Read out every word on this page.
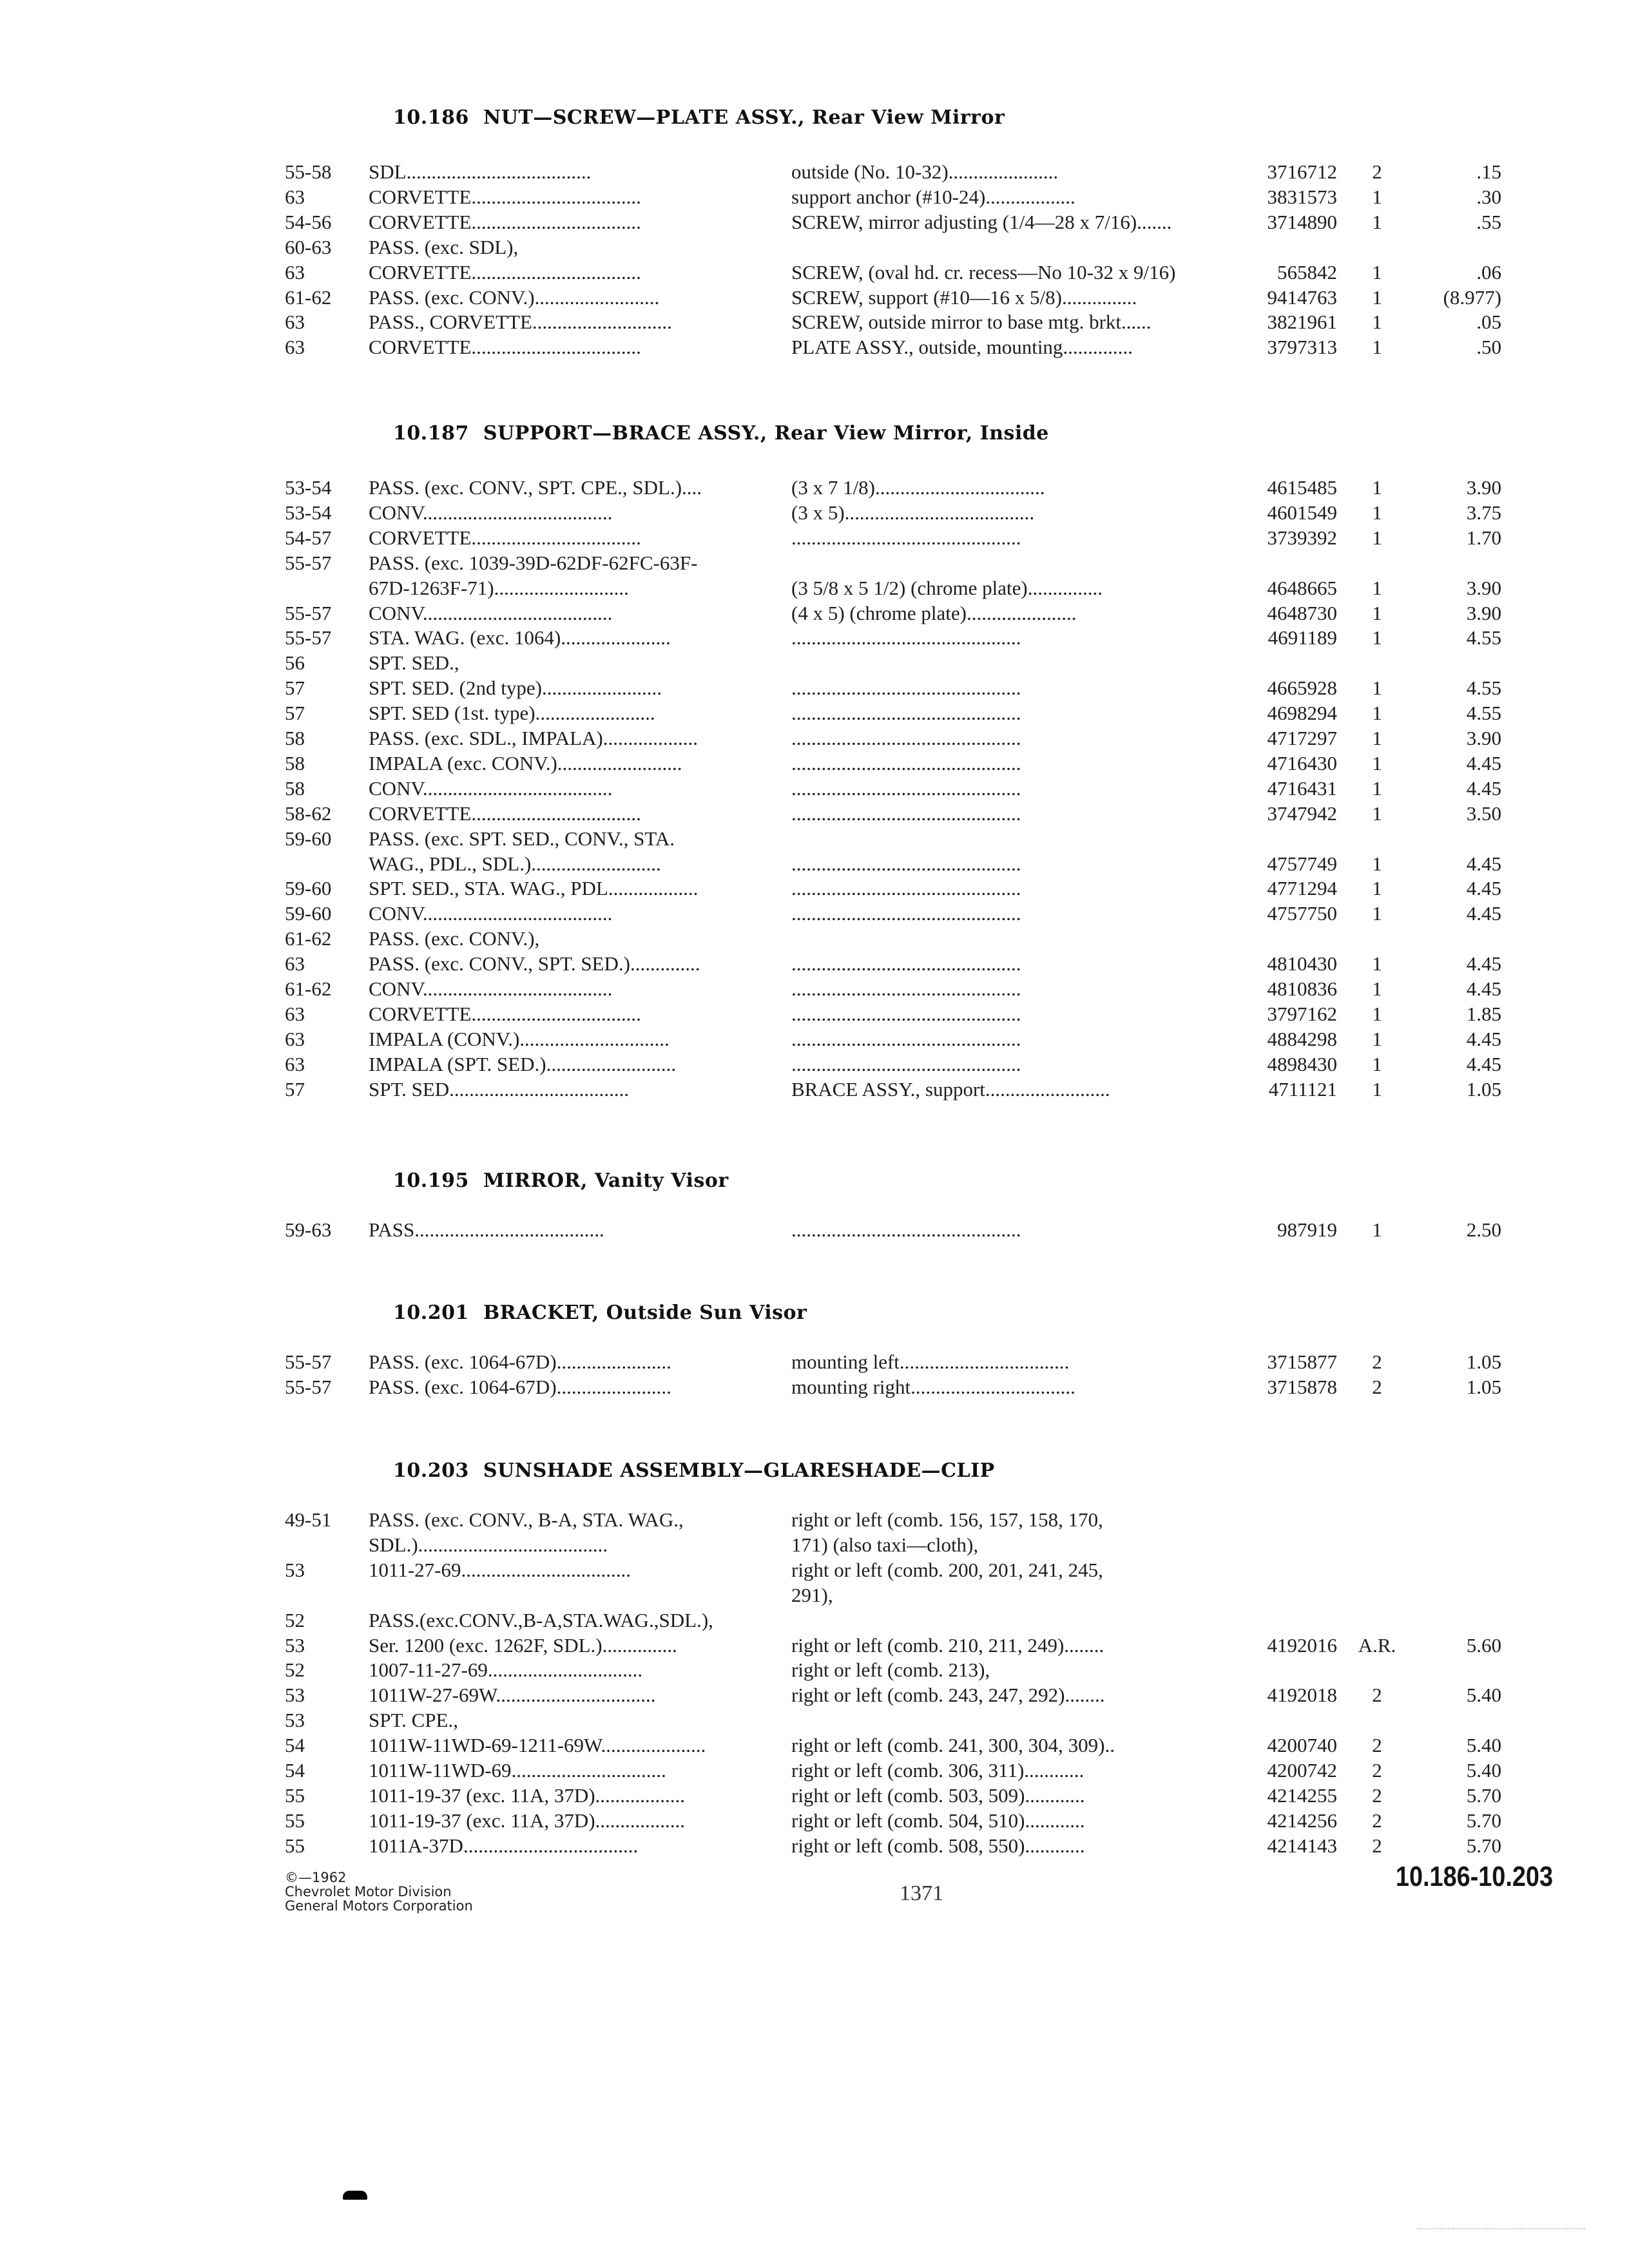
10.186 NUT—SCREW—PLATE ASSY., Rear View Mirror
55-58	SDL.....................................	outside (No. 10-32)......................	3716712	2	.15
63	CORVETTE..................................	support anchor (#10-24)..................	3831573	1	.30
54-56	CORVETTE..................................	SCREW, mirror adjusting (1/4—28 x 7/16).......	3714890	1	.55
60-63	PASS. (exc. SDL),
63	CORVETTE..................................	SCREW, (oval hd. cr. recess—No 10-32 x 9/16)	565842	1	.06
61-62	PASS. (exc. CONV.).........................	SCREW, support (#10—16 x 5/8)...............	9414763	1	(8.977)
63	PASS., CORVETTE............................	SCREW, outside mirror to base mtg. brkt......	3821961	1	.05
63	CORVETTE..................................	PLATE ASSY., outside, mounting..............	3797313	1	.50
10.187 SUPPORT—BRACE ASSY., Rear View Mirror, Inside
53-54	PASS. (exc. CONV., SPT. CPE., SDL.)....	(3 x 7 1/8)..................................	4615485	1	3.90
53-54	CONV......................................	(3 x 5)......................................	4601549	1	3.75
54-57	CORVETTE..................................	..............................................	3739392	1	1.70
55-57	PASS. (exc. 1039-39D-62DF-62FC-63F-
67D-1263F-71)...........................	(3 5/8 x 5 1/2) (chrome plate)...............	4648665	1	3.90
55-57	CONV......................................	(4 x 5) (chrome plate)......................	4648730	1	3.90
55-57	STA. WAG. (exc. 1064)......................	..............................................	4691189	1	4.55
56	SPT. SED.,
57	SPT. SED. (2nd type)........................	..............................................	4665928	1	4.55
57	SPT. SED (1st. type)........................	..............................................	4698294	1	4.55
58	PASS. (exc. SDL., IMPALA)...................	..............................................	4717297	1	3.90
58	IMPALA (exc. CONV.).........................	..............................................	4716430	1	4.45
58	CONV......................................	..............................................	4716431	1	4.45
58-62	CORVETTE..................................	..............................................	3747942	1	3.50
59-60	PASS. (exc. SPT. SED., CONV., STA.
WAG., PDL., SDL.)..........................	..............................................	4757749	1	4.45
59-60	SPT. SED., STA. WAG., PDL..................	..............................................	4771294	1	4.45
59-60	CONV......................................	..............................................	4757750	1	4.45
61-62	PASS. (exc. CONV.),
63	PASS. (exc. CONV., SPT. SED.)..............	..............................................	4810430	1	4.45
61-62	CONV......................................	..............................................	4810836	1	4.45
63	CORVETTE..................................	..............................................	3797162	1	1.85
63	IMPALA (CONV.)..............................	..............................................	4884298	1	4.45
63	IMPALA (SPT. SED.)..........................	..............................................	4898430	1	4.45
57	SPT. SED....................................	BRACE ASSY., support.........................	4711121	1	1.05
10.195 MIRROR, Vanity Visor
59-63	PASS......................................	..............................................	987919	1	2.50
10.201 BRACKET, Outside Sun Visor
55-57	PASS. (exc. 1064-67D).......................	mounting left..................................	3715877	2	1.05
55-57	PASS. (exc. 1064-67D).......................	mounting right.................................	3715878	2	1.05
10.203 SUNSHADE ASSEMBLY—GLARESHADE—CLIP
49-51	PASS. (exc. CONV., B-A, STA. WAG.,	right or left (comb. 156, 157, 158, 170,
SDL.)......................................	171) (also taxi—cloth),
53	1011-27-69..................................	right or left (comb. 200, 201, 241, 245,
291),
52	PASS.(exc.CONV.,B-A,STA.WAG.,SDL.),
53	Ser. 1200 (exc. 1262F, SDL.)...............	right or left (comb. 210, 211, 249)........	4192016	A.R.	5.60
52	1007-11-27-69...............................	right or left (comb. 213),
53	1011W-27-69W................................	right or left (comb. 243, 247, 292)........	4192018	2	5.40
53	SPT. CPE.,
54	1011W-11WD-69-1211-69W.....................	right or left (comb. 241, 300, 304, 309)..	4200740	2	5.40
54	1011W-11WD-69...............................	right or left (comb. 306, 311)............	4200742	2	5.40
55	1011-19-37 (exc. 11A, 37D)..................	right or left (comb. 503, 509)............	4214255	2	5.70
55	1011-19-37 (exc. 11A, 37D)..................	right or left (comb. 504, 510)............	4214256	2	5.70
55	1011A-37D...................................	right or left (comb. 508, 550)............	4214143	2	5.70
©—1962
Chevrolet Motor Division
General Motors Corporation
1371
10.186-10.203
